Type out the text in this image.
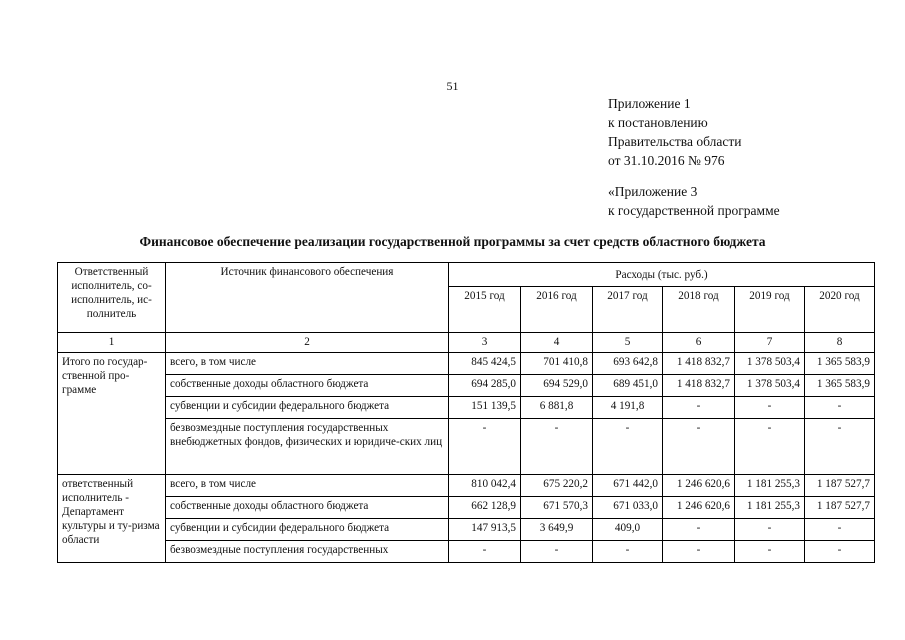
51
Приложение 1
к постановлению
Правительства области
от 31.10.2016 № 976
«Приложение 3
к государственной программе
Финансовое обеспечение реализации государственной программы за счет средств областного бюджета
Ответственный исполнитель, со-исполнитель, ис-полнитель	Источник финансового обеспечения	Расходы (тыс. руб.)					
		2015 год	2016 год	2017 год	2018 год	2019 год	2020 год
1	2	3	4	5	6	7	8
Итого по государ-ственной про-грамме	всего, в том числе	845 424,5	701 410,8	693 642,8	1 418 832,7	1 378 503,4	1 365 583,9
	собственные доходы областного бюджета	694 285,0	694 529,0	689 451,0	1 418 832,7	1 378 503,4	1 365 583,9
	субвенции и субсидии федерального бюджета	151 139,5	6 881,8	4 191,8	-	-	-
	безвозмездные поступления государственных внебюджетных фондов, физических и юридиче-ских лиц	-	-	-	-	-	-
ответственный исполнитель - Департамент культуры и ту-ризма области	всего, в том числе	810 042,4	675 220,2	671 442,0	1 246 620,6	1 181 255,3	1 187 527,7
	собственные доходы областного бюджета	662 128,9	671 570,3	671 033,0	1 246 620,6	1 181 255,3	1 187 527,7
	субвенции и субсидии федерального бюджета	147 913,5	3 649,9	409,0	-	-	-
	безвозмездные поступления государственных	-	-	-	-	-	-
